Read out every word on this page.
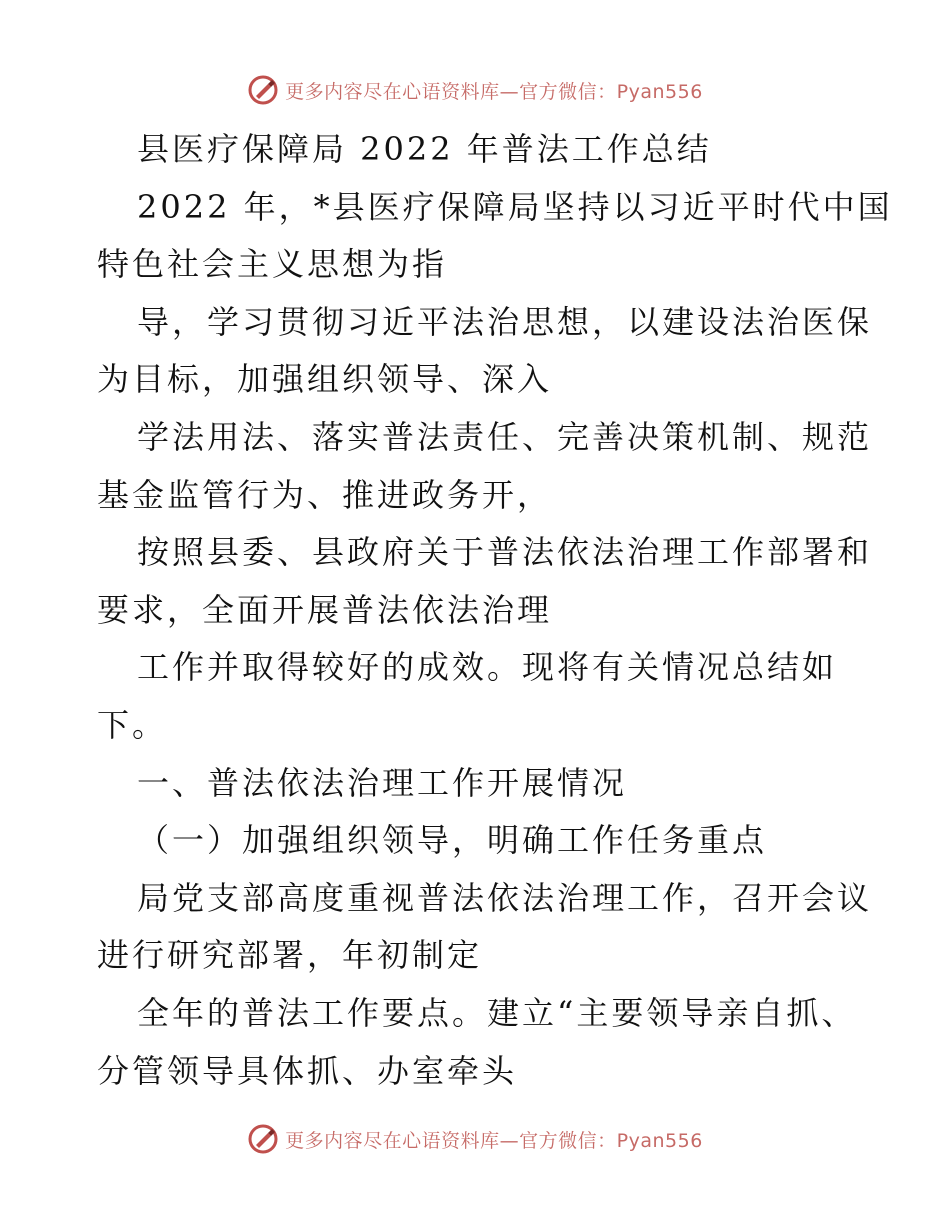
更多内容尽在心语资料库—官方微信：Pyan556
县医疗保障局 2022 年普法工作总结
2022 年，*县医疗保障局坚持以习近平时代中国
特色社会主义思想为指
导，学习贯彻习近平法治思想，以建设法治医保
为目标，加强组织领导、深入
学法用法、落实普法责任、完善决策机制、规范
基金监管行为、推进政务开，
按照县委、县政府关于普法依法治理工作部署和
要求，全面开展普法依法治理
工作并取得较好的成效。现将有关情况总结如
下。
一、普法依法治理工作开展情况
（一）加强组织领导，明确工作任务重点
局党支部高度重视普法依法治理工作，召开会议
进行研究部署，年初制定
全年的普法工作要点。建立“主要领导亲自抓、
分管领导具体抓、办室牵头
更多内容尽在心语资料库—官方微信：Pyan556
